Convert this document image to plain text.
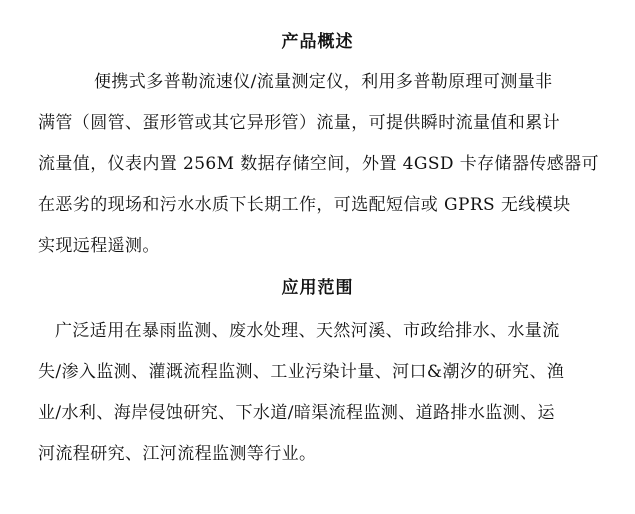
产品概述
便携式多普勒流速仪/流量测定仪，利用多普勒原理可测量非
满管（圆管、蛋形管或其它异形管）流量，可提供瞬时流量值和累计
流量值，仪表内置 256M 数据存储空间，外置 4GSD 卡存储器传感器可
在恶劣的现场和污水水质下长期工作，可选配短信或 GPRS 无线模块
实现远程遥测。
应用范围
广泛适用在暴雨监测、废水处理、天然河溪、市政给排水、水量流
失/渗入监测、灌溉流程监测、工业污染计量、河口&潮汐的研究、渔
业/水利、海岸侵蚀研究、下水道/暗渠流程监测、道路排水监测、运
河流程研究、江河流程监测等行业。
